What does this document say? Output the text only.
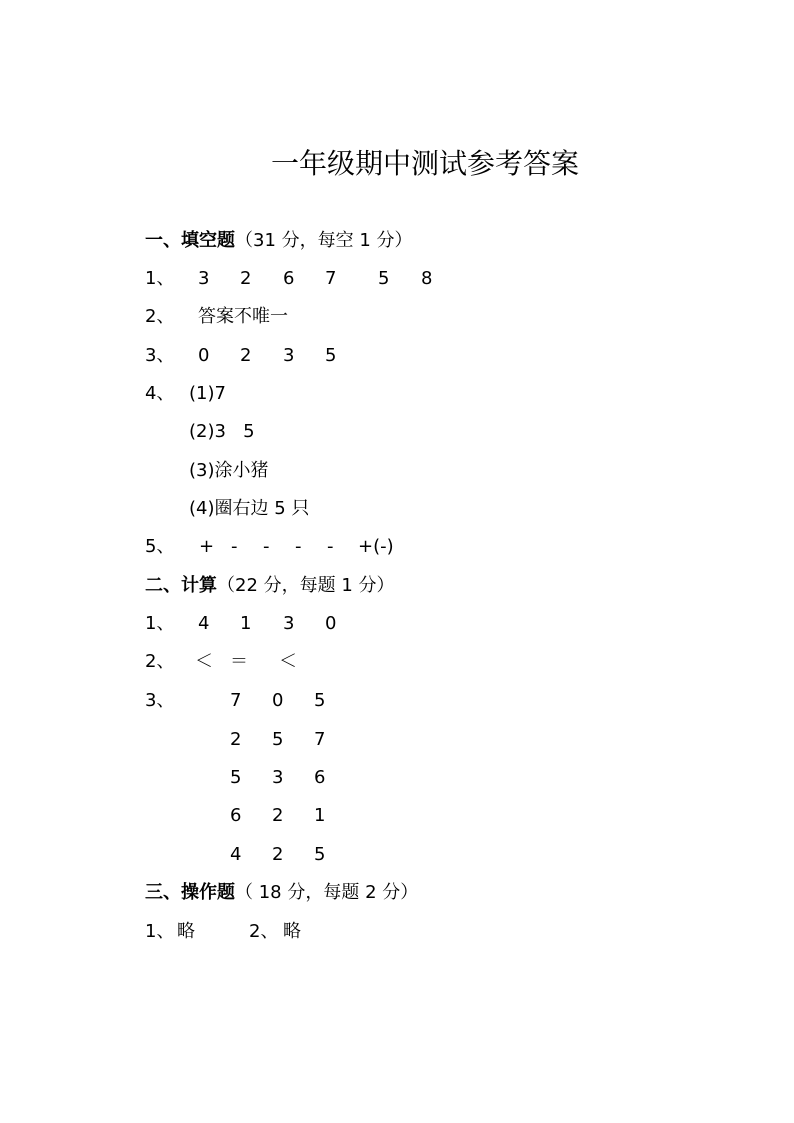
一年级期中测试参考答案
一、填空题（31 分，每空 1 分）
1、 3 2 6 7 5 8
2、 答案不唯一
3、 0 2 3 5
4、 (1)7
(2)3   5
(3)涂小猪
(4)圈右边 5 只
5、 + - - - - +(-)
二、计算（22 分，每题 1 分）
1、 4 1 3 0
2、 ＜ ＝ ＜
3、	7 0 5
2 5 7
5 3 6
6 2 1
4 2 5
三、操作题（ 18 分，每题 2 分）
1、 略	2、 略
